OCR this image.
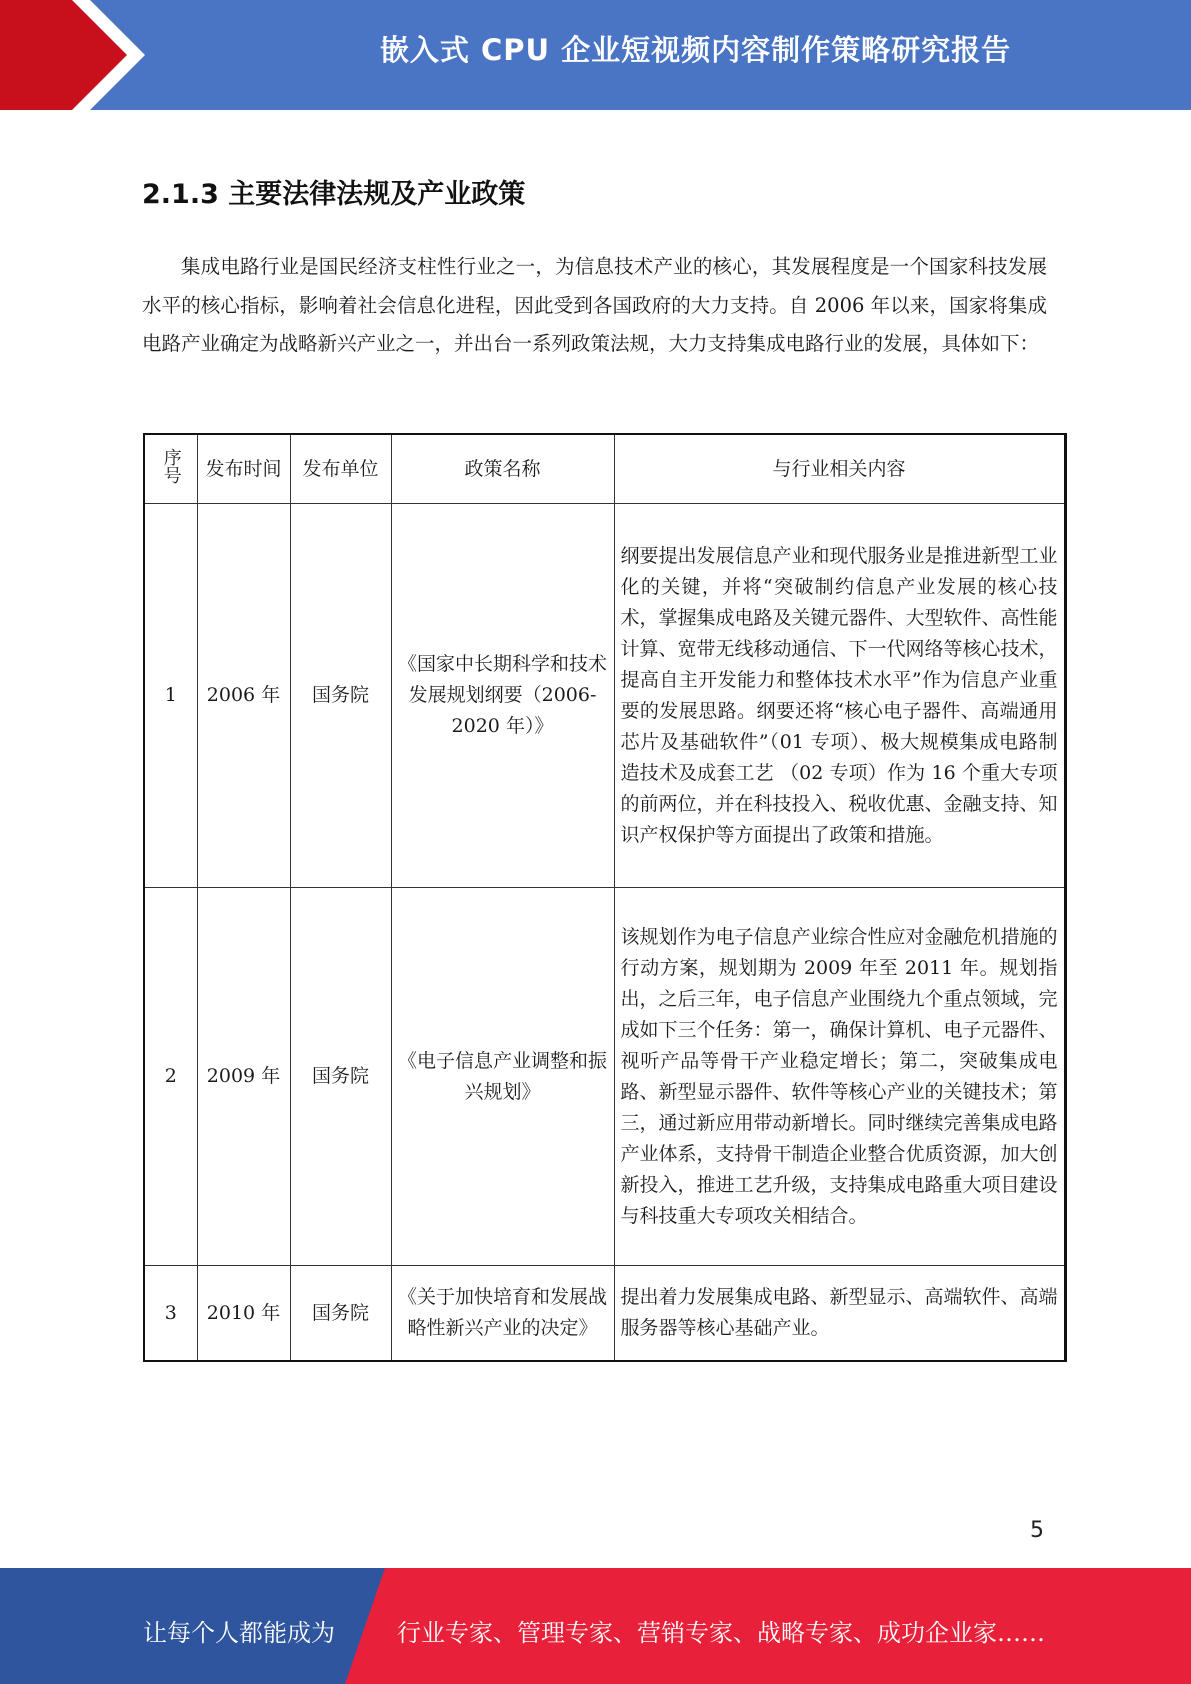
嵌入式 CPU 企业短视频内容制作策略研究报告
2.1.3 主要法律法规及产业政策

集成电路行业是国民经济支柱性行业之一，为信息技术产业的核心，其发展程度是一个国家科技发展水平的核心指标，影响着社会信息化进程，因此受到各国政府的大力支持。自 2006 年以来，国家将集成电路产业确定为战略新兴产业之一，并出台一系列政策法规，大力支持集成电路行业的发展，具体如下：

序号	发布时间	发布单位	政策名称	与行业相关内容
1	2006 年	国务院	《国家中长期科学和技术发展规划纲要（2006-2020 年）》	纲要提出发展信息产业和现代服务业是推进新型工业化的关键，并将“突破制约信息产业发展的核心技术，掌握集成电路及关键元器件、大型软件、高性能计算、宽带无线移动通信、下一代网络等核心技术，提高自主开发能力和整体技术水平”作为信息产业重要的发展思路。纲要还将“核心电子器件、高端通用芯片及基础软件”（01 专项）、极大规模集成电路制造技术及成套工艺 （02 专项）作为 16 个重大专项的前两位，并在科技投入、税收优惠、金融支持、知识产权保护等方面提出了政策和措施。
2	2009 年	国务院	《电子信息产业调整和振兴规划》	该规划作为电子信息产业综合性应对金融危机措施的行动方案，规划期为 2009 年至 2011 年。规划指出，之后三年，电子信息产业围绕九个重点领域，完成如下三个任务：第一，确保计算机、电子元器件、视听产品等骨干产业稳定增长；第二，突破集成电路、新型显示器件、软件等核心产业的关键技术；第三，通过新应用带动新增长。同时继续完善集成电路产业体系，支持骨干制造企业整合优质资源，加大创新投入，推进工艺升级，支持集成电路重大项目建设与科技重大专项攻关相结合。
3	2010 年	国务院	《关于加快培育和发展战略性新兴产业的决定》	提出着力发展集成电路、新型显示、高端软件、高端服务器等核心基础产业。
5
让每个人都能成为	行业专家、管理专家、营销专家、战略专家、成功企业家……
